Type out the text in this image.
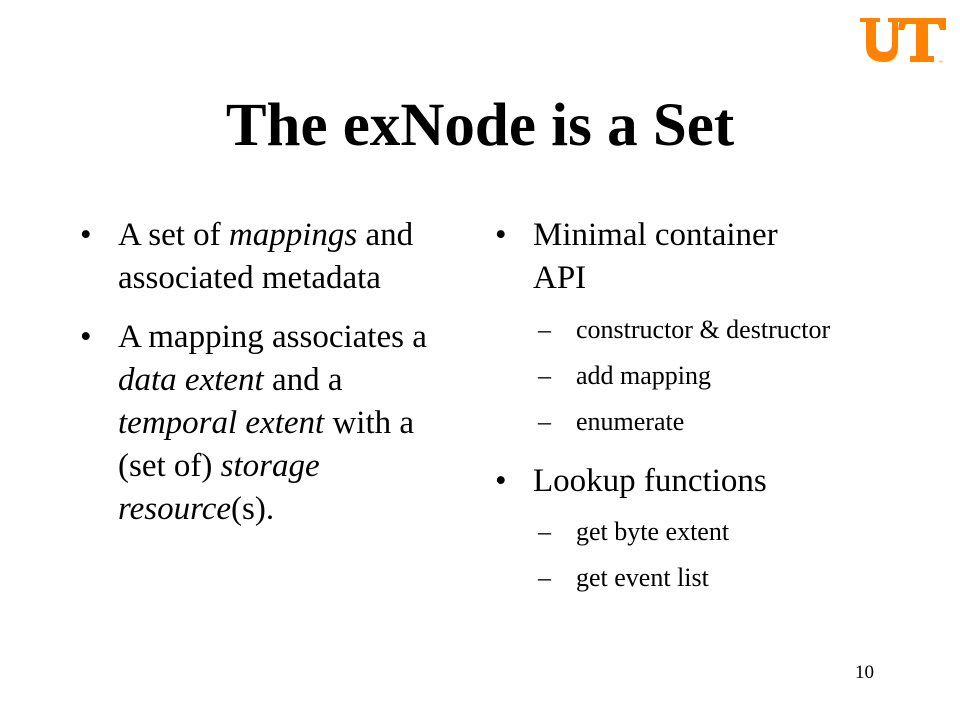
™
The exNode is a Set
• A set of mappings and associated metadata
• A mapping associates a data extent and a temporal extent with a (set of) storage resource(s).
• Minimal container API
– constructor & destructor
– add mapping
– enumerate
• Lookup functions
– get byte extent
– get event list
10
